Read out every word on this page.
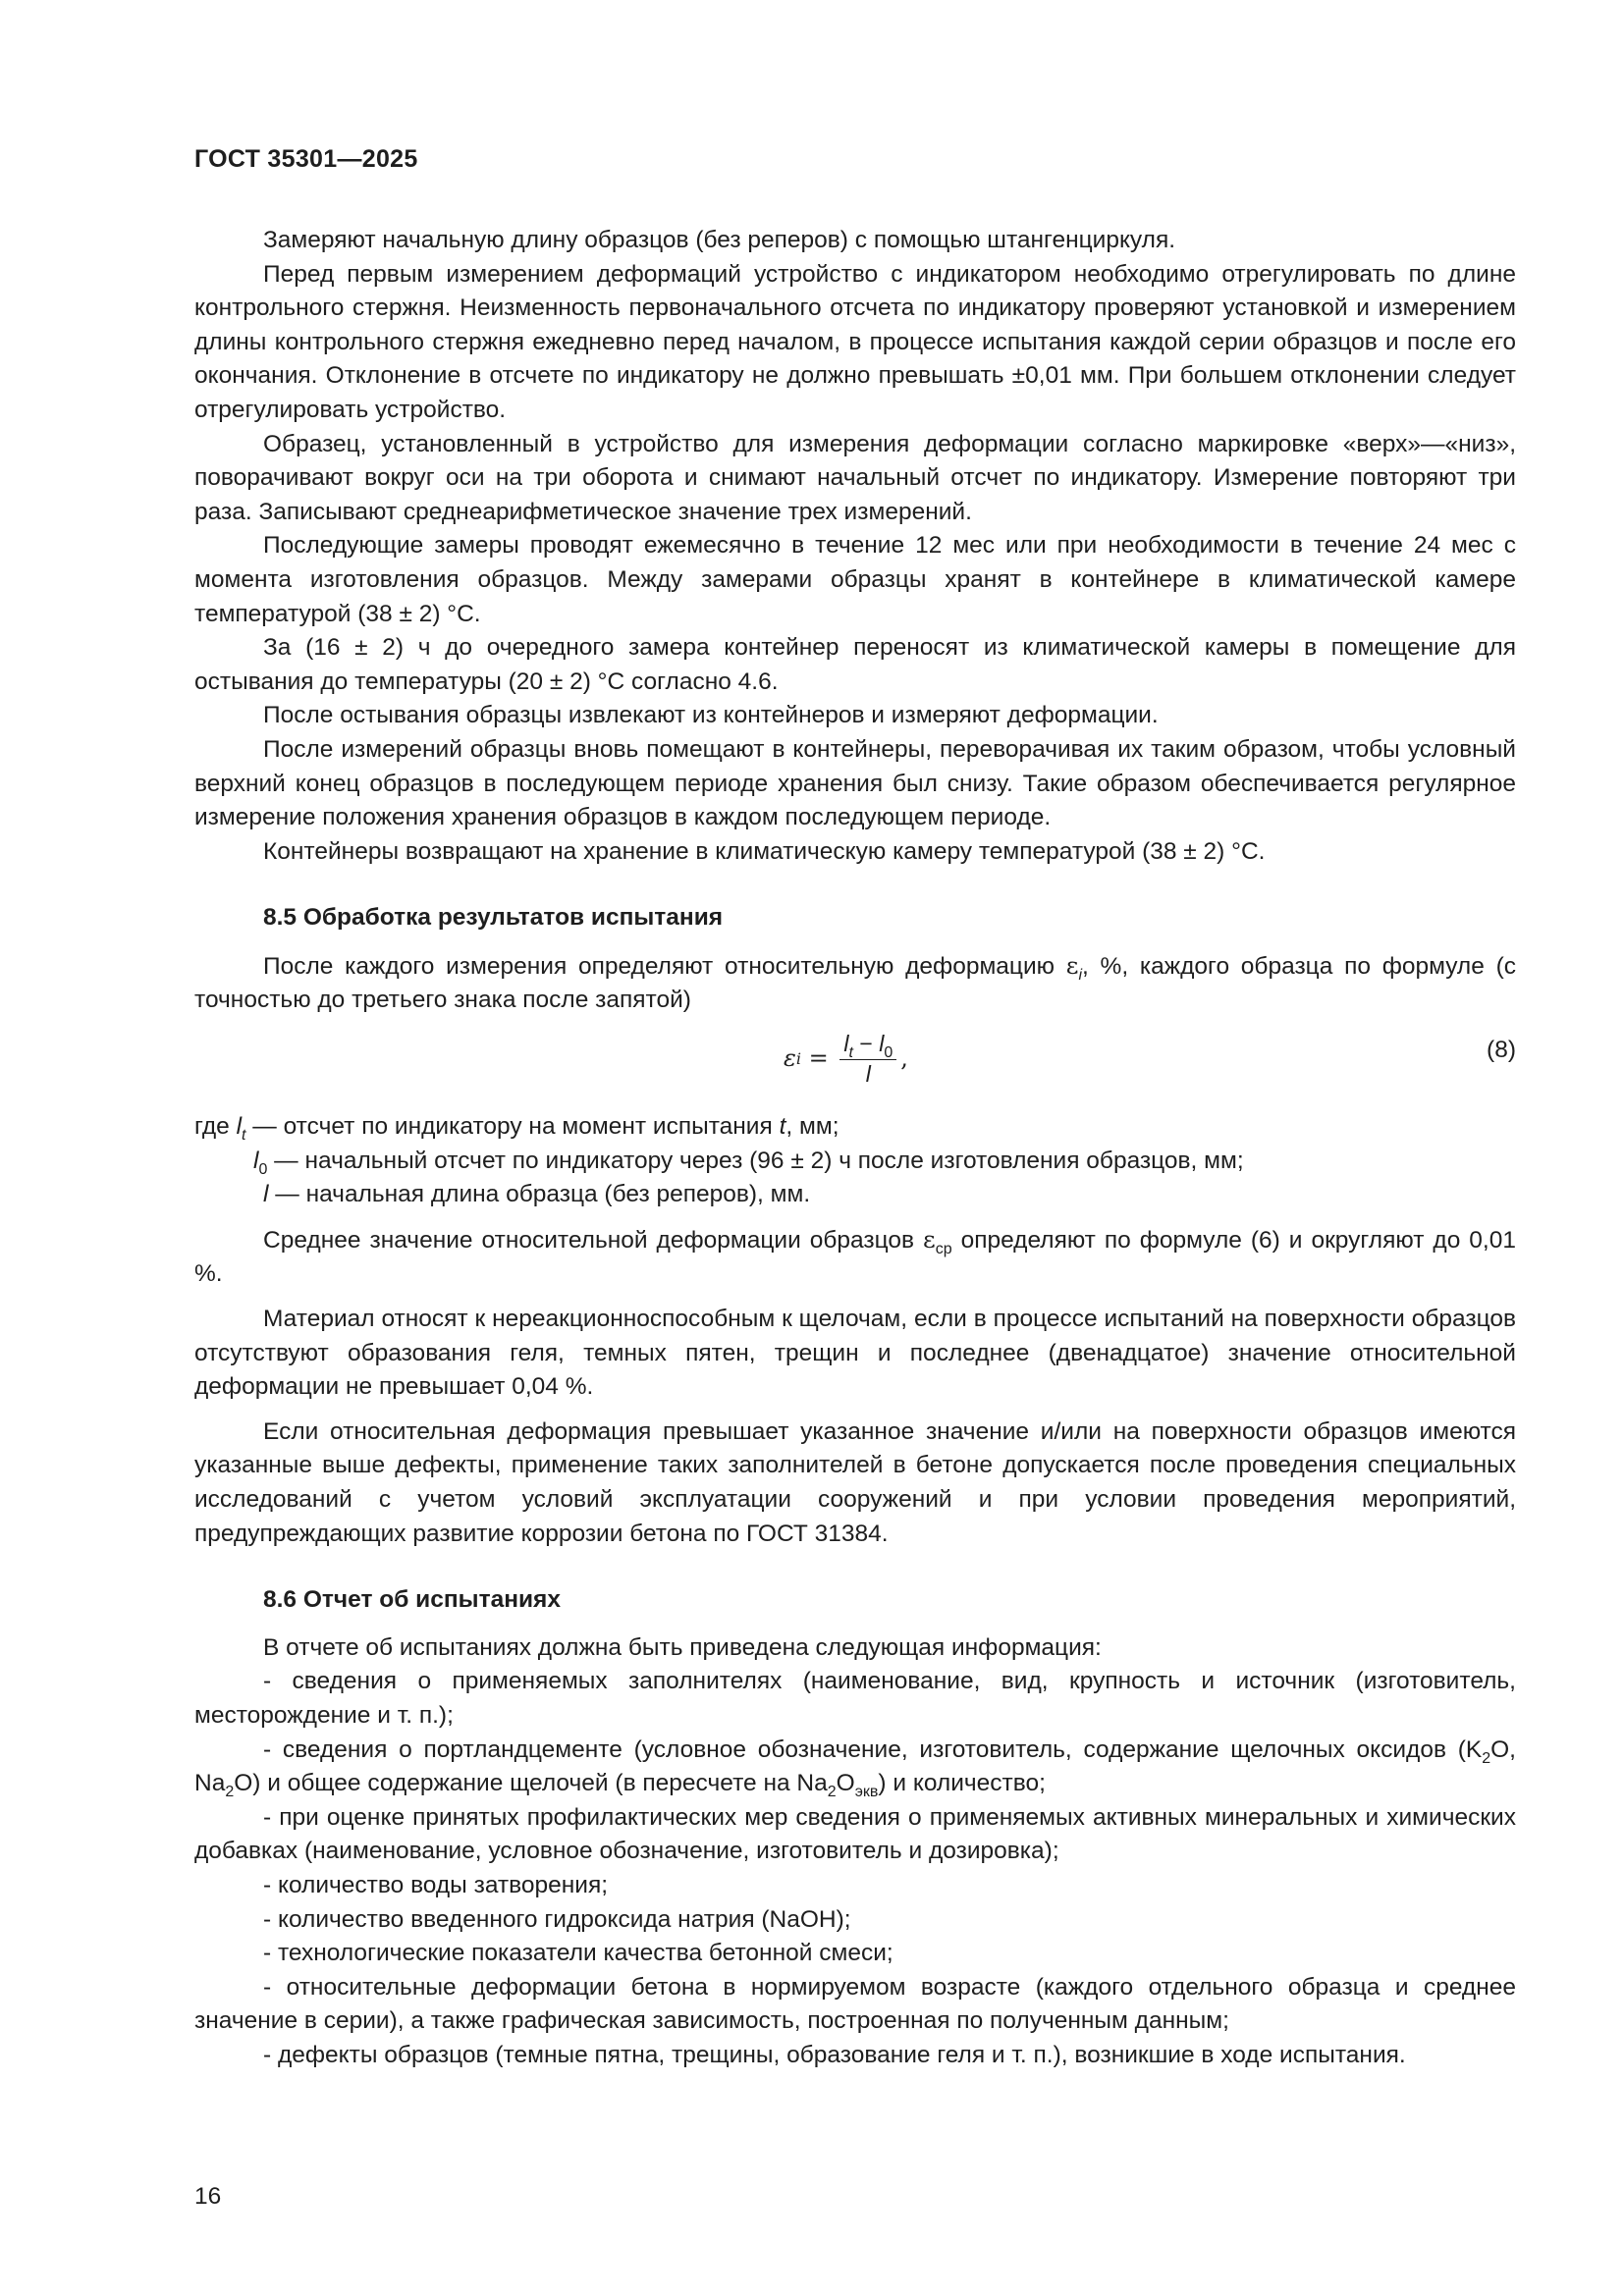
ГОСТ 35301—2025

Замеряют начальную длину образцов (без реперов) с помощью штангенциркуля.

Перед первым измерением деформаций устройство с индикатором необходимо отрегулировать по длине контрольного стержня. Неизменность первоначального отсчета по индикатору проверяют установкой и измерением длины контрольного стержня ежедневно перед началом, в процессе испытания каждой серии образцов и после его окончания. Отклонение в отсчете по индикатору не должно превышать ±0,01 мм. При большем отклонении следует отрегулировать устройство.

Образец, установленный в устройство для измерения деформации согласно маркировке «верх»—«низ», поворачивают вокруг оси на три оборота и снимают начальный отсчет по индикатору. Измерение повторяют три раза. Записывают среднеарифметическое значение трех измерений.

Последующие замеры проводят ежемесячно в течение 12 мес или при необходимости в течение 24 мес с момента изготовления образцов. Между замерами образцы хранят в контейнере в климатической камере температурой (38 ± 2) °C.

За (16 ± 2) ч до очередного замера контейнер переносят из климатической камеры в помещение для остывания до температуры (20 ± 2) °C согласно 4.6.

После остывания образцы извлекают из контейнеров и измеряют деформации.

После измерений образцы вновь помещают в контейнеры, переворачивая их таким образом, чтобы условный верхний конец образцов в последующем периоде хранения был снизу. Такие образом обеспечивается регулярное измерение положения хранения образцов в каждом последующем периоде.

Контейнеры возвращают на хранение в климатическую камеру температурой (38 ± 2) °C.

8.5 Обработка результатов испытания

После каждого измерения определяют относительную деформацию $\varepsilon_i$, %, каждого образца по формуле (с точностью до третьего знака после запятой)

ε $i = \frac{l_t - l_0}{l}$ ,	(8)

где $l_t$ — отсчет по индикатору на момент испытания t, мм;

$l_0$ — начальный отсчет по индикатору через (96 ± 2) ч после изготовления образцов, мм;

l — начальная длина образца (без реперов), мм.

Среднее значение относительной деформации образцов $\varepsilon_{ср}$ определяют по формуле (6) и округляют до 0,01 %.

Материал относят к нереакционноспособным к щелочам, если в процессе испытаний на поверхности образцов отсутствуют образования геля, темных пятен, трещин и последнее (двенадцатое) значение относительной деформации не превышает 0,04 %.

Если относительная деформация превышает указанное значение и/или на поверхности образцов имеются указанные выше дефекты, применение таких заполнителей в бетоне допускается после проведения специальных исследований с учетом условий эксплуатации сооружений и при условии проведения мероприятий, предупреждающих развитие коррозии бетона по ГОСТ 31384.

8.6 Отчет об испытаниях

В отчете об испытаниях должна быть приведена следующая информация:

- сведения о применяемых заполнителях (наименование, вид, крупность и источник (изготовитель, месторождение и т. п.);

- сведения о портландцементе (условное обозначение, изготовитель, содержание щелочных оксидов ($K_2O$, $Na_2O$) и общее содержание щелочей (в пересчете на $Na_2O_{экв}$) и количество;

- при оценке принятых профилактических мер сведения о применяемых активных минеральных и химических добавках (наименование, условное обозначение, изготовитель и дозировка);

- количество воды затворения;

- количество введенного гидроксида натрия (NaOH);

- технологические показатели качества бетонной смеси;

- относительные деформации бетона в нормируемом возрасте (каждого отдельного образца и среднее значение в серии), а также графическая зависимость, построенная по полученным данным;

- дефекты образцов (темные пятна, трещины, образование геля и т. п.), возникшие в ходе испытания.

16
